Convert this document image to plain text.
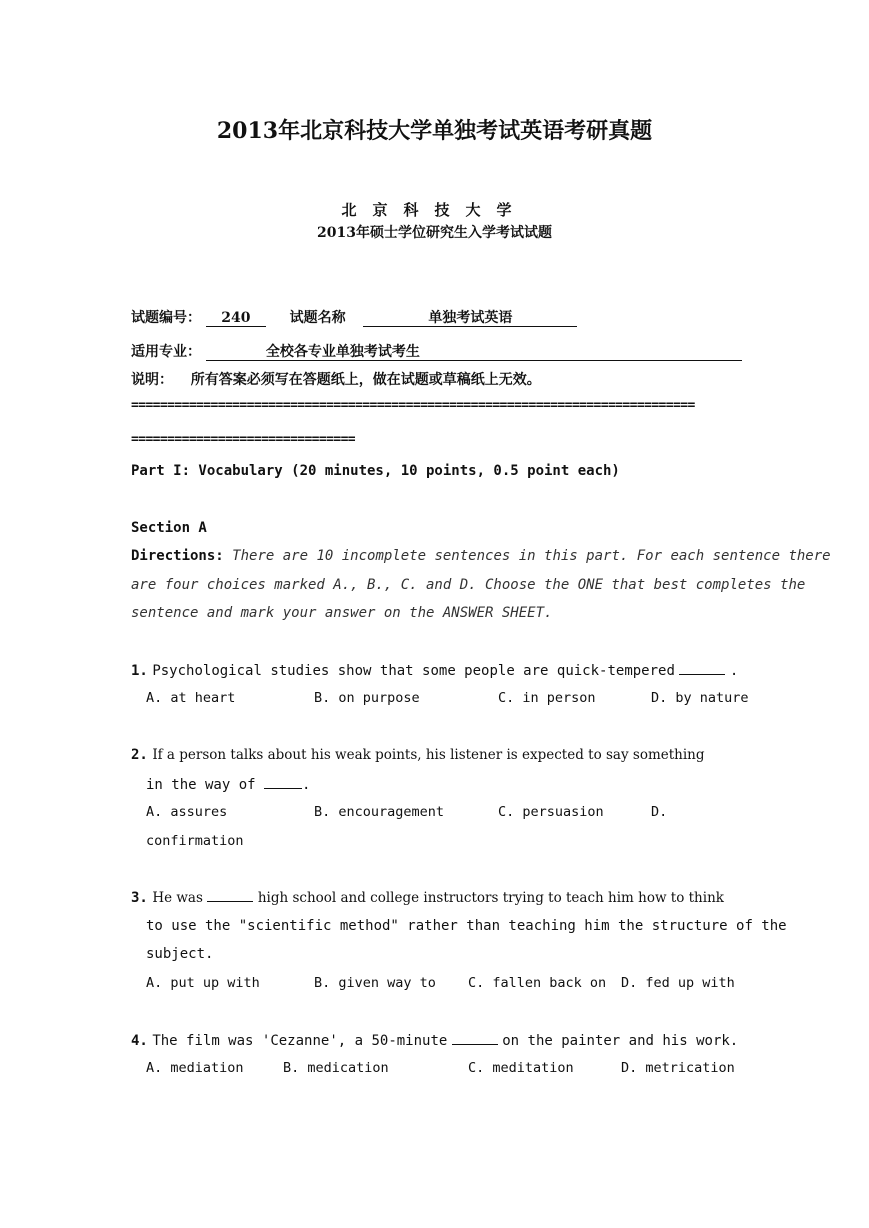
2013年北京科技大学单独考试英语考研真题
北京科技大学
2013年硕士学位研究生入学考试试题
试题编号： 240	试题名称	单独考试英语
适用专业：	全校各专业单独考试考生
说明： 所有答案必须写在答题纸上，做在试题或草稿纸上无效。
==============================================================================
===============================
Part I: Vocabulary (20 minutes, 10 points, 0.5 point each)
Section A
Directions: There are 10 incomplete sentences in this part. For each sentence there
are four choices marked A., B., C. and D. Choose the ONE that best completes the
sentence and mark your answer on the ANSWER SHEET.
1. Psychological studies show that some people are quick-tempered	.
A. at heart	B. on purpose	C. in person	D. by nature
2. If a person talks about his weak points, his listener is expected to say something
in the way of	.
A. assures	B. encouragement	C. persuasion	D.
confirmation
3. He was	high school and college instructors trying to teach him how to think
to use the "scientific method" rather than teaching him the structure of the
subject.
A. put up with	B. given way to C. fallen back on D. fed up with
4. The film was 'Cezanne', a 50-minute	on the painter and his work.
A. mediation	B. medication	C. meditation	D. metrication
